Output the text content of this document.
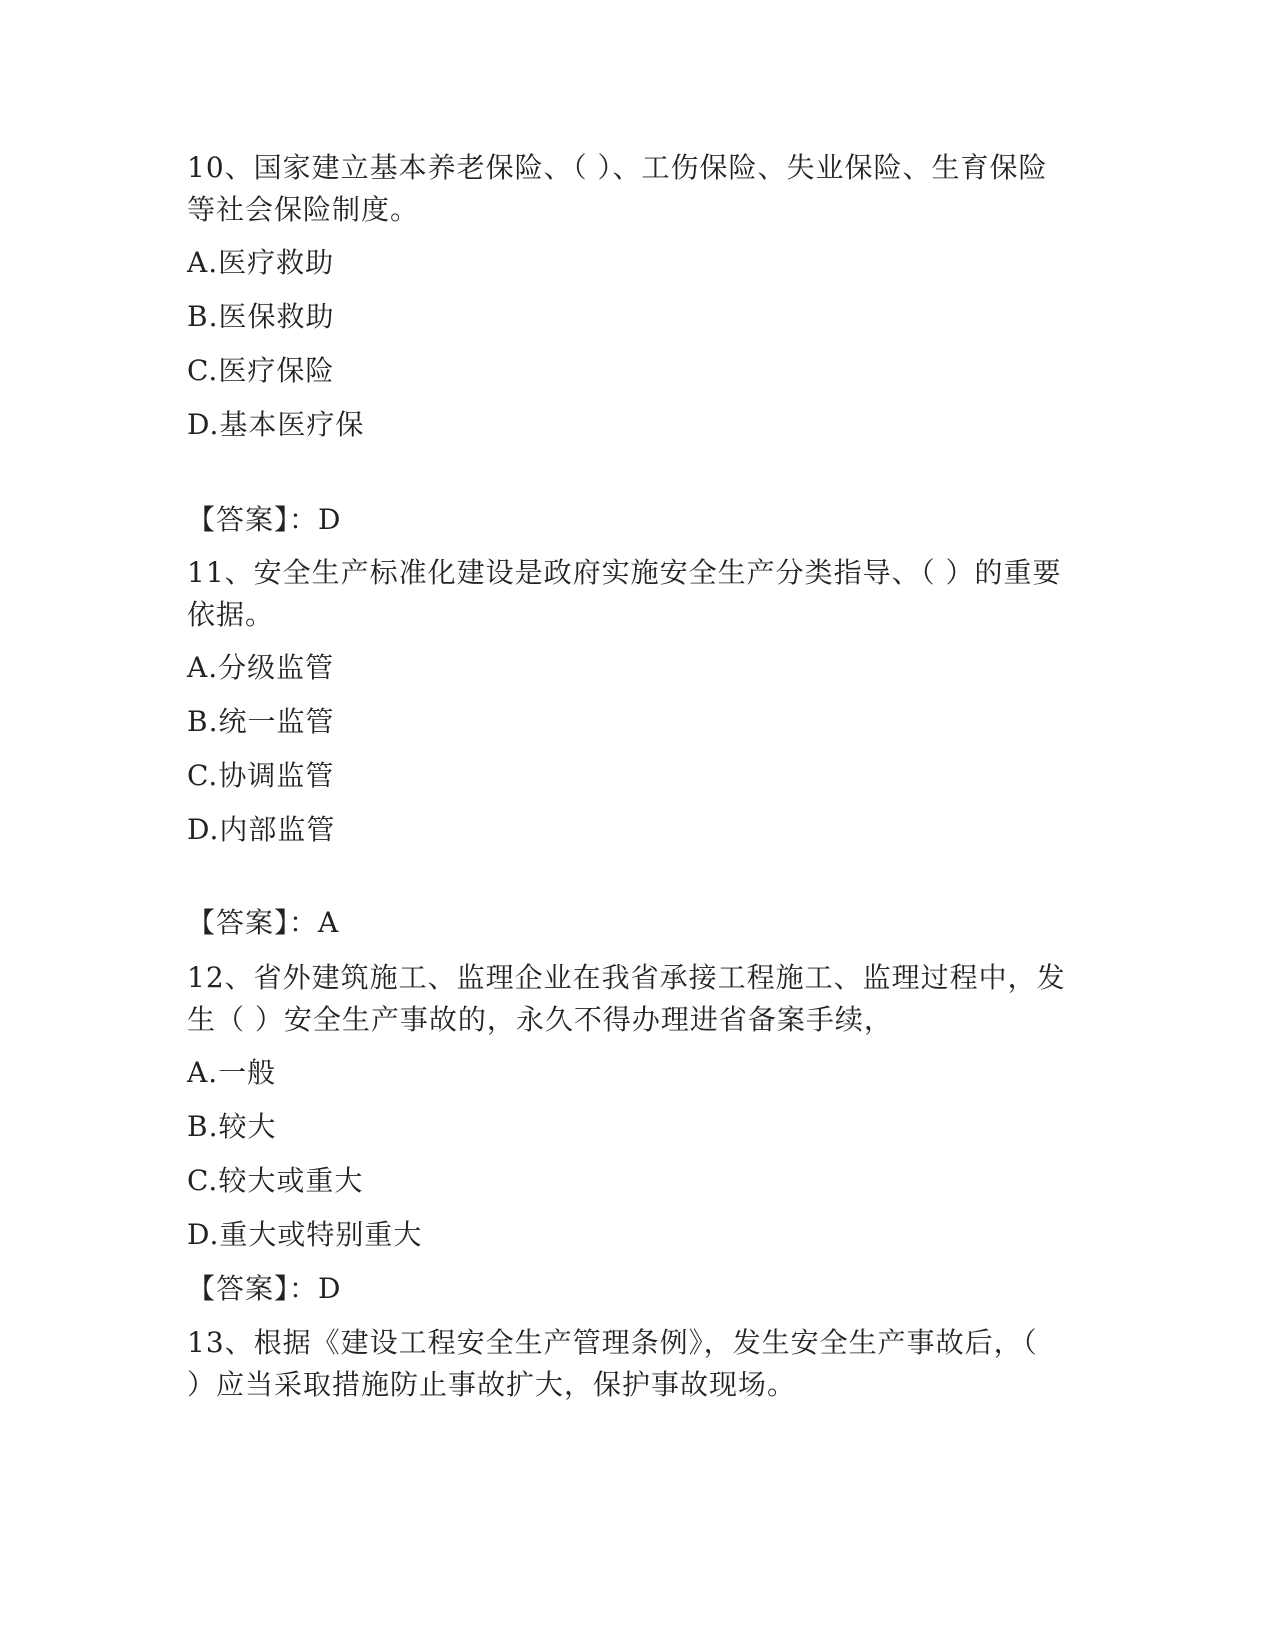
10、国家建立基本养老保险、（ ）、工伤保险、失业保险、生育保险
等社会保险制度。
A.医疗救助
B.医保救助
C.医疗保险
D.基本医疗保
【答案】：D
11、安全生产标准化建设是政府实施安全生产分类指导、（ ）的重要
依据。
A.分级监管
B.统一监管
C.协调监管
D.内部监管
【答案】：A
12、省外建筑施工、监理企业在我省承接工程施工、监理过程中，发
生（ ）安全生产事故的，永久不得办理进省备案手续，
A.一般
B.较大
C.较大或重大
D.重大或特别重大
【答案】：D
13、根据《建设工程安全生产管理条例》，发生安全生产事故后，（
）应当采取措施防止事故扩大，保护事故现场。
